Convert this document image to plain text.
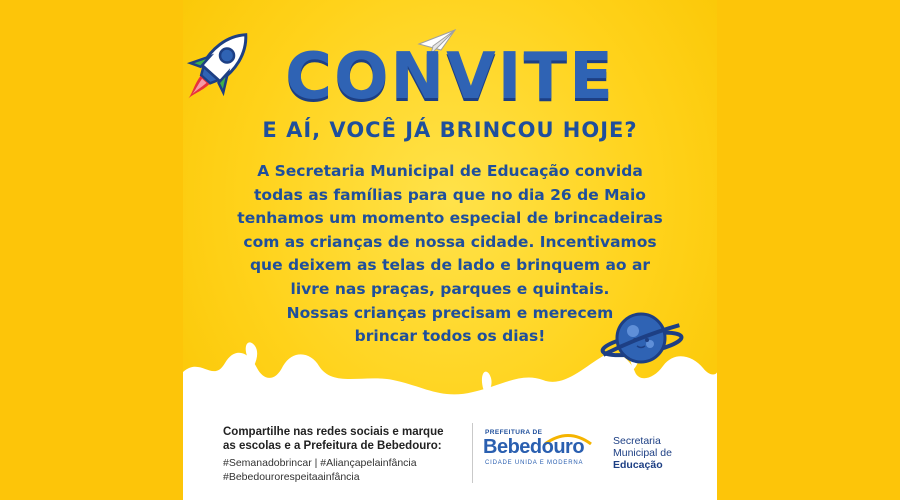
CONVITE
E AÍ, VOCÊ JÁ BRINCOU HOJE?

A Secretaria Municipal de Educação convida
todas as famílias para que no dia 26 de Maio
tenhamos um momento especial de brincadeiras
com as crianças de nossa cidade. Incentivamos
que deixem as telas de lado e brinquem ao ar
livre nas praças, parques e quintais.

Nossas crianças precisam e merecem
brincar todos os dias!

Compartilhe nas redes sociais e marque
as escolas e a Prefeitura de Bebedouro:

#Semanadobrincar | #Aliançapelainfância

#Bebedourorespeitaainfância

PREFEITURA DE
Bebedouro
CIDADE UNIDA E MODERNA
Secretaria
Municipal de
Educação
